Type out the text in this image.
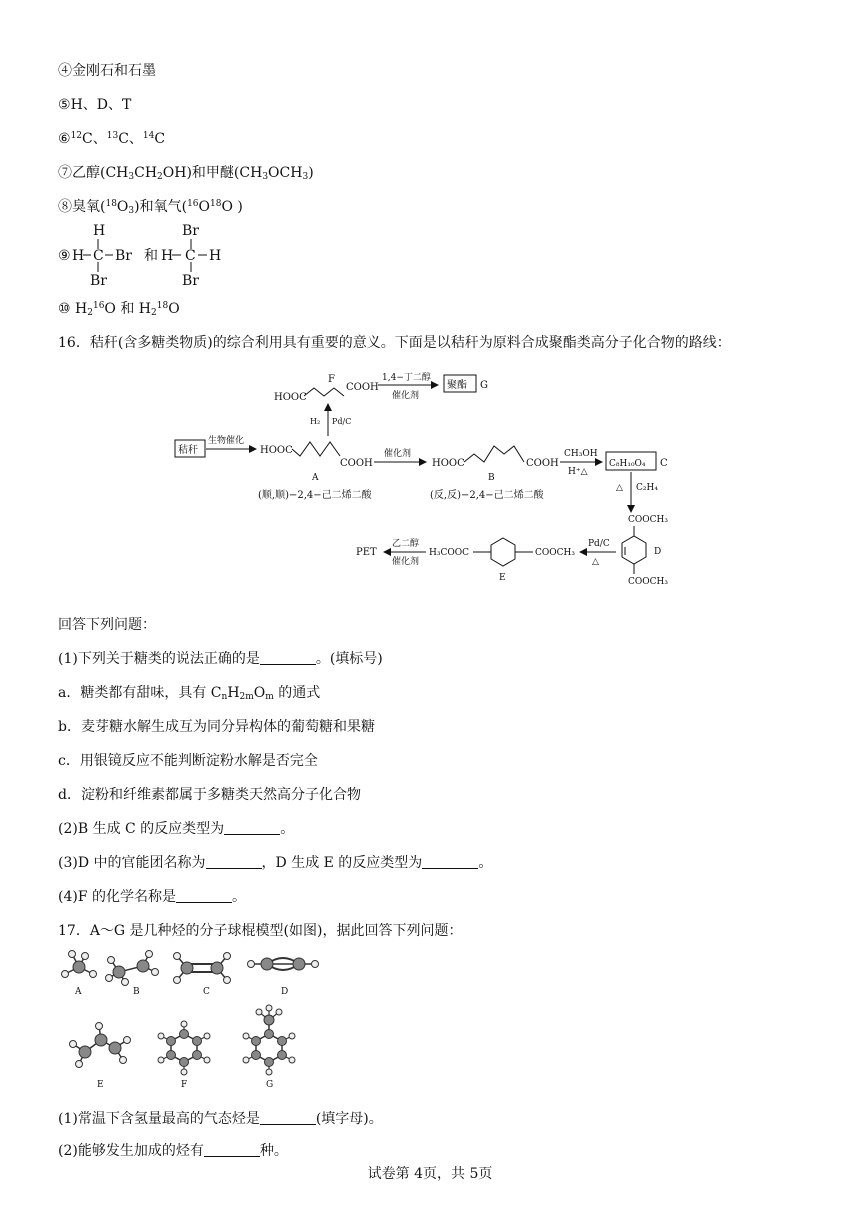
④金刚石和石墨
⑤H、D、T
⑥$^{12}$C、$^{13}$C、$^{14}$C
⑦乙醇$(CH_3CH_2OH)$和甲醚$(CH_3OCH_3)$
⑧臭氧$(^{18}O_3)$和氧气($^{16}O^{18}O$ )
⑨
H
H C Br
Br
和
Br
H C H
Br
⑩ $H_2^{16}O$ 和 $H_2^{18}O$
16．秸秆(含多糖类物质)的综合利用具有重要的意义。下面是以秸秆为原料合成聚酯类高分子化合物的路线：
HOOC
F
COOH
1,4−丁二醇
催化剂
聚酯 G
H₂ Pd/C
秸秆
生物催化
HOOC
COOH
A
(顺,顺)−2,4−己二烯二酸
催化剂
HOOC	COOH
B
(反,反)−2,4−己二烯二酸
CH₃OH
H⁺△
C₈H₁₀O₄ C
△ C₂H₄
COOCH₃
COOCH₃
D
Pd/C
△
COOCH₃
H₃COOC
E
乙二醇
催化剂
PET
回答下列问题：
(1)下列关于糖类的说法正确的是	。(填标号)
a．糖类都有甜味，具有 $C_nH_{2m}O_m$ 的通式
b．麦芽糖水解生成互为同分异构体的葡萄糖和果糖
c．用银镜反应不能判断淀粉水解是否完全
d．淀粉和纤维素都属于多糖类天然高分子化合物
(2)B 生成 C 的反应类型为	。
(3)D 中的官能团名称为	，D 生成 E 的反应类型为	。
(4)F 的化学名称是	。
17．A～G 是几种烃的分子球棍模型(如图)，据此回答下列问题：
A	B	C	D
E	F	G
(1)常温下含氢量最高的气态烃是	(填字母)。
(2)能够发生加成的烃有	种。
试卷第 4页，共 5页
